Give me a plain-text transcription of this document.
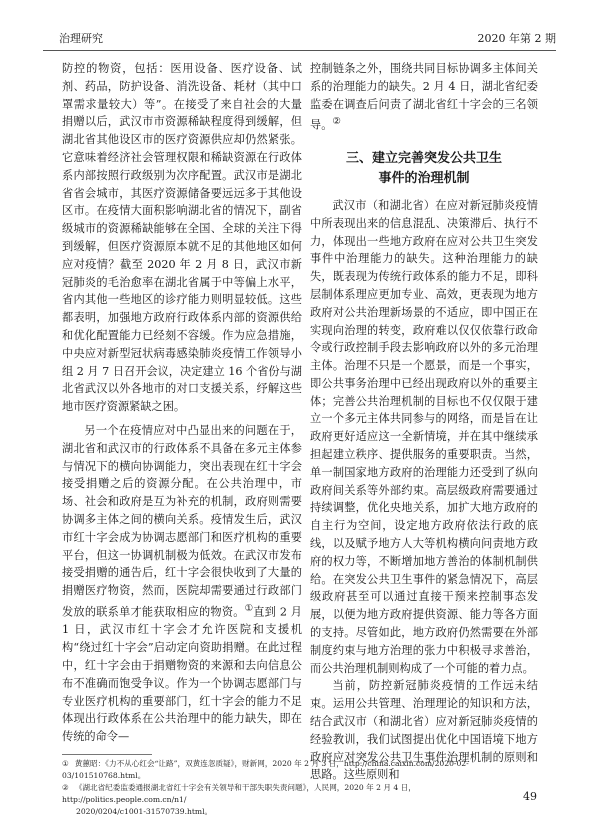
治理研究	2020 年第 2 期

防控的物资，包括：医用设备、医疗设备、试剂、药品，防护设备、消洗设备、耗材（其中口罩需求量较大）等”。在接受了来自社会的大量捐赠以后，武汉市市资源稀缺程度得到缓解，但湖北省其他设区市的医疗资源供应却仍然紧张。它意味着经济社会管理权限和稀缺资源在行政体系内部按照行政级别为次序配置。武汉市是湖北省省会城市，其医疗资源储备要远远多于其他设区市。在疫情大面积影响湖北省的情况下，副省级城市的资源稀缺能够在全国、全球的关注下得到缓解，但医疗资源原本就不足的其他地区如何应对疫情？截至 2020 年 2 月 8 日，武汉市新冠肺炎的毛治愈率在湖北省属于中等偏上水平，省内其他一些地区的诊疗能力则明显较低。这些都表明，加强地方政府行政体系内部的资源供给和优化配置能力已经刻不容缓。作为应急措施，中央应对新型冠状病毒感染肺炎疫情工作领导小组 2 月 7 日召开会议，决定建立 16 个省份与湖北省武汉以外各地市的对口支援关系，纾解这些地市医疗资源紧缺之困。

另一个在疫情应对中凸显出来的问题在于，湖北省和武汉市的行政体系不具备在多元主体参与情况下的横向协调能力，突出表现在红十字会接受捐赠之后的资源分配。在公共治理中，市场、社会和政府是互为补充的机制，政府则需要协调多主体之间的横向关系。疫情发生后，武汉市红十字会成为协调志愿部门和医疗机构的重要平台，但这一协调机制极为低效。在武汉市发布接受捐赠的通告后，红十字会很快收到了大量的捐赠医疗物资，然而，医院却需要通过行政部门发放的联系单才能获取相应的物资。①直到 2 月 1 日，武汉市红十字会才允许医院和支援机构“绕过红十字会”启动定向资助捐赠。在此过程中，红十字会由于捐赠物资的来源和去向信息公布不准确而饱受争议。作为一个协调志愿部门与专业医疗机构的重要部门，红十字会的能力不足体现出行政体系在公共治理中的能力缺失，即在传统的命令—

控制链条之外，围绕共同目标协调多主体间关系的治理能力的缺失。2 月 4 日，湖北省纪委监委在调查后问责了湖北省红十字会的三名领导。②

三、建立完善突发公共卫生
事件的治理机制

武汉市（和湖北省）在应对新冠肺炎疫情中所表现出来的信息混乱、决策滞后、执行不力，体现出一些地方政府在应对公共卫生突发事件中治理能力的缺失。这种治理能力的缺失，既表现为传统行政体系的能力不足，即科层制体系理应更加专业、高效，更表现为地方政府对公共治理新场景的不适应，即中国正在实现向治理的转变，政府难以仅仅依靠行政命令或行政控制手段去影响政府以外的多元治理主体。治理不只是一个愿景，而是一个事实，即公共事务治理中已经出现政府以外的重要主体；完善公共治理机制的目标也不仅仅限于建立一个多元主体共同参与的网络，而是旨在让政府更好适应这一全新情境，并在其中继续承担起建立秩序、提供服务的重要职责。当然，单一制国家地方政府的治理能力还受到了纵向政府间关系等外部约束。高层级政府需要通过持续调整，优化央地关系，加扩大地方政府的自主行为空间，设定地方政府依法行政的底线，以及赋予地方人大等机构横向问责地方政府的权力等，不断增加地方善治的体制机制供给。在突发公共卫生事件的紧急情况下，高层级政府甚至可以通过直接干预来控制事态发展，以便为地方政府提供资源、能力等各方面的支持。尽管如此，地方政府仍然需要在外部制度约束与地方治理的张力中积极寻求善治，而公共治理机制则构成了一个可能的着力点。

当前，防控新冠肺炎疫情的工作远未结束。运用公共管理、治理理论的知识和方法，结合武汉市（和湖北省）应对新冠肺炎疫情的经验教训，我们试图提出优化中国语境下地方政府应对突发公共卫生事件治理机制的原则和思路。这些原则和

① 黄蕙昭：《力不从心红会“让路”，双黄连忽质疑》，财新网，2020 年 2 月 3 日，http://china.caixin.com/2020-02-03/101510768.html。
② 《湖北省纪委监委通报湖北省红十字会有关领导和干部失职失责问题》，人民网，2020 年 2 月 4 日，http://politics.people.com.cn/n1/
2020/0204/c1001-31570739.html。
49
